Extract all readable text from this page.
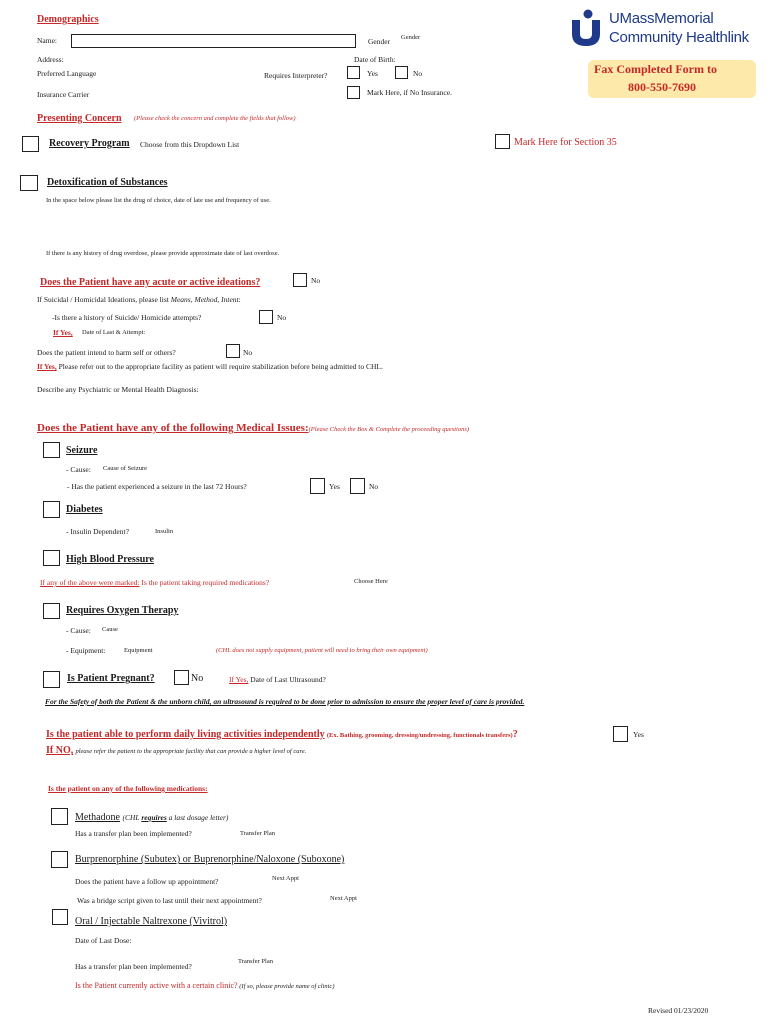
Demographics
Name:	Gender Gender
Address:	Date of Birth:
Preferred Language	Requires Interpreter?	Yes	No
Insurance Carrier	Mark Here, if No Insurance.
UMassMemorial
Community Healthlink
Fax Completed Form to
800-550-7690
Presenting Concern (Please check the concern and complete the fields that follow)
Recovery Program Choose from this Dropdown List	Mark Here for Section 35
Detoxification of Substances
In the space below please list the drug of choice, date of late use and frequency of use.
If there is any history of drug overdose, please provide approximate date of last overdose.
Does the Patient have any acute or active ideations?	No
If Suicidal / Homicidal Ideations, please list Means, Method, Intent:
-Is there a history of Suicide/ Homicide attempts?	No
If Yes, Date of Last & Attempt:
Does the patient intend to harm self or others?	No
If Yes, Please refer out to the appropriate facility as patient will require stabilization before being admitted to CHL.
Describe any Psychiatric or Mental Health Diagnosis:
Does the Patient have any of the following Medical Issues:(Please Check the Box & Complete the proceeding questions)
Seizure
- Cause: Cause of Seizure
- Has the patient experienced a seizure in the last 72 Hours?	Yes	No
Diabetes
- Insulin Dependent?	Insulin
High Blood Pressure
If any of the above were marked: Is the patient taking required medications?	Choose Here
Requires Oxygen Therapy
- Cause: Cause
- Equipment:	Equipment	(CHL does not supply equipment, patient will need to bring their own equipment)
Is Patient Pregnant?	No	If Yes, Date of Last Ultrasound?
For the Safety of both the Patient & the unborn child, an ultrasound is required to be done prior to admission to ensure the proper level of care is provided.
Is the patient able to perform daily living activities independently (Ex. Bathing, grooming, dressing/undressing, functionals transfers)?	Yes
If NO, please refer the patient to the appropriate facility that can provide a higher level of care.
Is the patient on any of the following medications:
Methadone (CHL requires a last dosage letter)
Has a transfer plan been implemented?	Transfer Plan
Burprenorphine (Subutex) or Buprenorphine/Naloxone (Suboxone)
Does the patient have a follow up appointment?	Next Appt
Was a bridge script given to last until their next appointment?	Next Appt
Oral / Injectable Naltrexone (Vivitrol)
Date of Last Dose:
Has a transfer plan been implemented?
Transfer Plan
Is the Patient currently active with a certain clinic? (If so, please provide name of clinic)
Revised 01/23/2020
